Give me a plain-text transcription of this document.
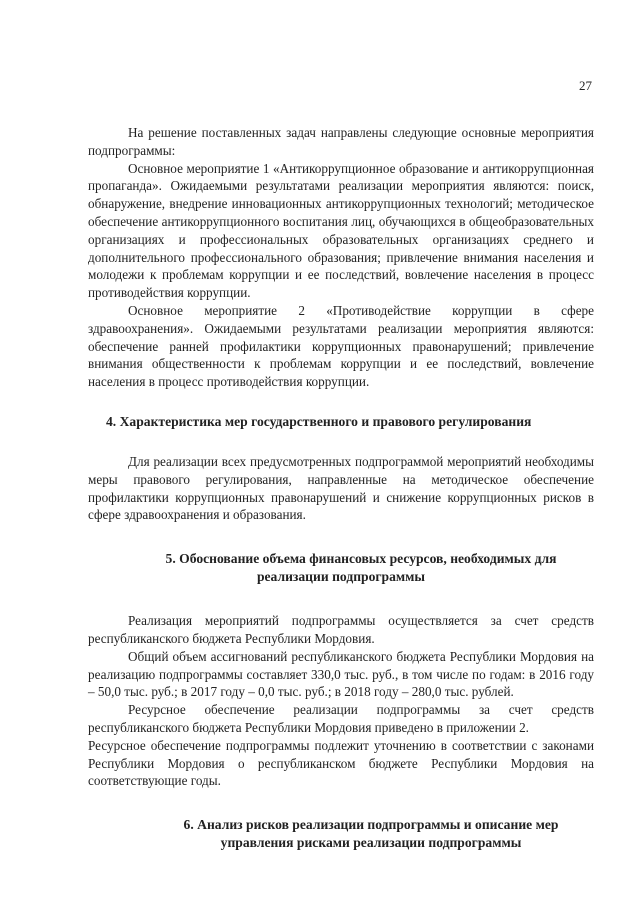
27

На решение поставленных задач направлены следующие основные мероприятия подпрограммы:

Основное мероприятие 1 «Антикоррупционное образование и антикоррупционная пропаганда». Ожидаемыми результатами реализации мероприятия являются: поиск, обнаружение, внедрение инновационных антикоррупционных технологий; методическое обеспечение антикоррупционного воспитания лиц, обучающихся в общеобразовательных организациях и профессиональных образовательных организациях среднего и дополнительного профессионального образования; привлечение внимания населения и молодежи к проблемам коррупции и ее последствий, вовлечение населения в процесс противодействия коррупции.

Основное мероприятие 2 «Противодействие коррупции в сфере здравоохранения». Ожидаемыми результатами реализации мероприятия являются: обеспечение ранней профилактики коррупционных правонарушений; привлечение внимания общественности к проблемам коррупции и ее последствий, вовлечение населения в процесс противодействия коррупции.

4. Характеристика мер государственного и правового регулирования

Для реализации всех предусмотренных подпрограммой мероприятий необходимы меры правового регулирования, направленные на методическое обеспечение профилактики коррупционных правонарушений и снижение коррупционных рисков в сфере здравоохранения и образования.

5. Обоснование объема финансовых ресурсов, необходимых для
реализации подпрограммы

Реализация мероприятий подпрограммы осуществляется за счет средств республиканского бюджета Республики Мордовия.

Общий объем ассигнований республиканского бюджета Республики Мордовия на реализацию подпрограммы составляет 330,0 тыс. руб., в том числе по годам: в 2016 году – 50,0 тыс. руб.; в 2017 году – 0,0 тыс. руб.; в 2018 году – 280,0 тыс. рублей.

Ресурсное обеспечение реализации подпрограммы за счет средств республиканского бюджета Республики Мордовия приведено в приложении 2.

Ресурсное обеспечение подпрограммы подлежит уточнению в соответствии с законами Республики Мордовия о республиканском бюджете Республики Мордовия на соответствующие годы.

6. Анализ рисков реализации подпрограммы и описание мер
управления рисками реализации подпрограммы
